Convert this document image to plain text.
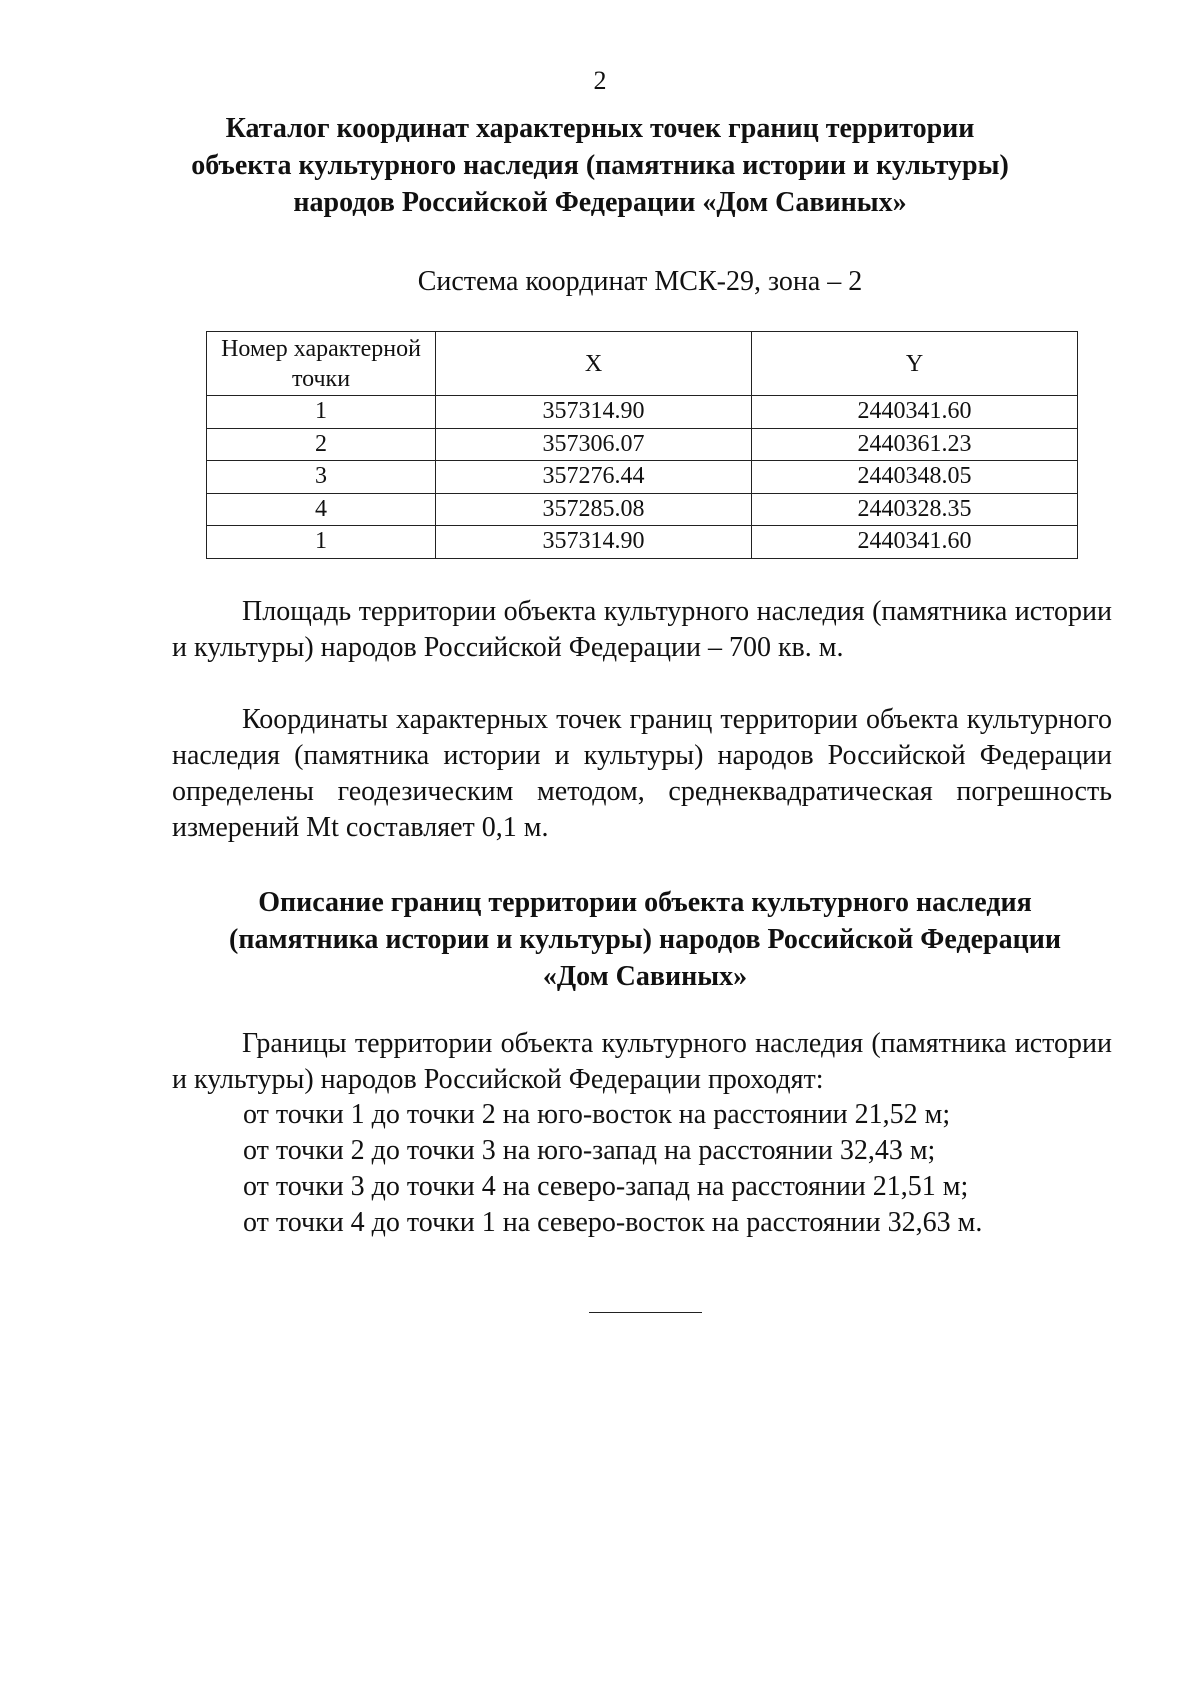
2
Каталог координат характерных точек границ территории
объекта культурного наследия (памятника истории и культуры)
народов Российской Федерации «Дом Савиных»
Система координат МСК-29, зона – 2
Номер характерной точки	X	Y
1	357314.90	2440341.60
2	357306.07	2440361.23
3	357276.44	2440348.05
4	357285.08	2440328.35
1	357314.90	2440341.60

Площадь территории объекта культурного наследия (памятника истории и культуры) народов Российской Федерации – 700 кв. м.

Координаты характерных точек границ территории объекта культурного наследия (памятника истории и культуры) народов Российской Федерации определены геодезическим методом, среднеквадратическая погрешность измерений Mt составляет 0,1 м.

Описание границ территории объекта культурного наследия
(памятника истории и культуры) народов Российской Федерации
«Дом Савиных»

Границы территории объекта культурного наследия (памятника истории и культуры) народов Российской Федерации проходят:

от точки 1 до точки 2 на юго-восток на расстоянии 21,52 м;
от точки 2 до точки 3 на юго-запад на расстоянии 32,43 м;
от точки 3 до точки 4 на северо-запад на расстоянии 21,51 м;
от точки 4 до точки 1 на северо-восток на расстоянии 32,63 м.
